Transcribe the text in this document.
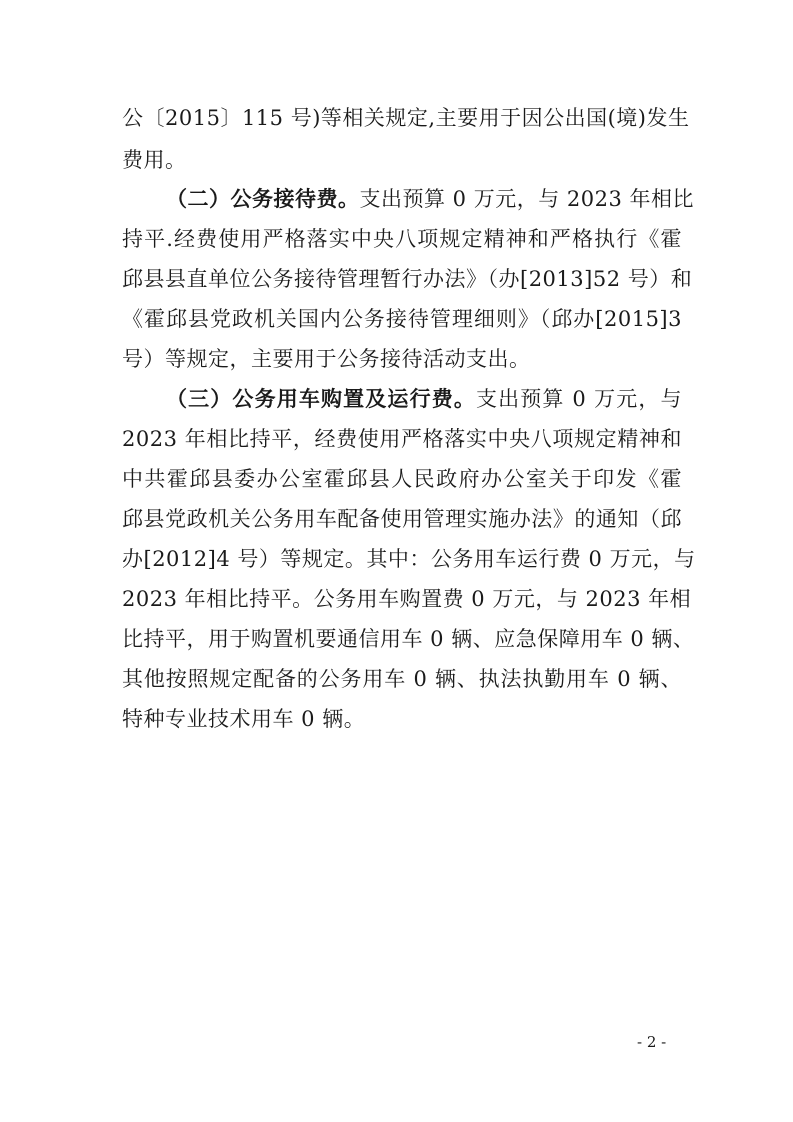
公〔2015〕115 号)等相关规定,主要用于因公出国(境)发生
费用。
（二）公务接待费。支出预算 0 万元，与 2023 年相比
持平.经费使用严格落实中央八项规定精神和严格执行《霍
邱县县直单位公务接待管理暂行办法》（办[2013]52 号）和
《霍邱县党政机关国内公务接待管理细则》（邱办[2015]3
号）等规定，主要用于公务接待活动支出。
（三）公务用车购置及运行费。支出预算 0 万元，与
2023 年相比持平，经费使用严格落实中央八项规定精神和
中共霍邱县委办公室霍邱县人民政府办公室关于印发《霍
邱县党政机关公务用车配备使用管理实施办法》的通知（邱
办[2012]4 号）等规定。其中：公务用车运行费 0 万元，与
2023 年相比持平。公务用车购置费 0 万元，与 2023 年相
比持平，用于购置机要通信用车 0 辆、应急保障用车 0 辆、
其他按照规定配备的公务用车 0 辆、执法执勤用车 0 辆、
特种专业技术用车 0 辆。
- 2 -
